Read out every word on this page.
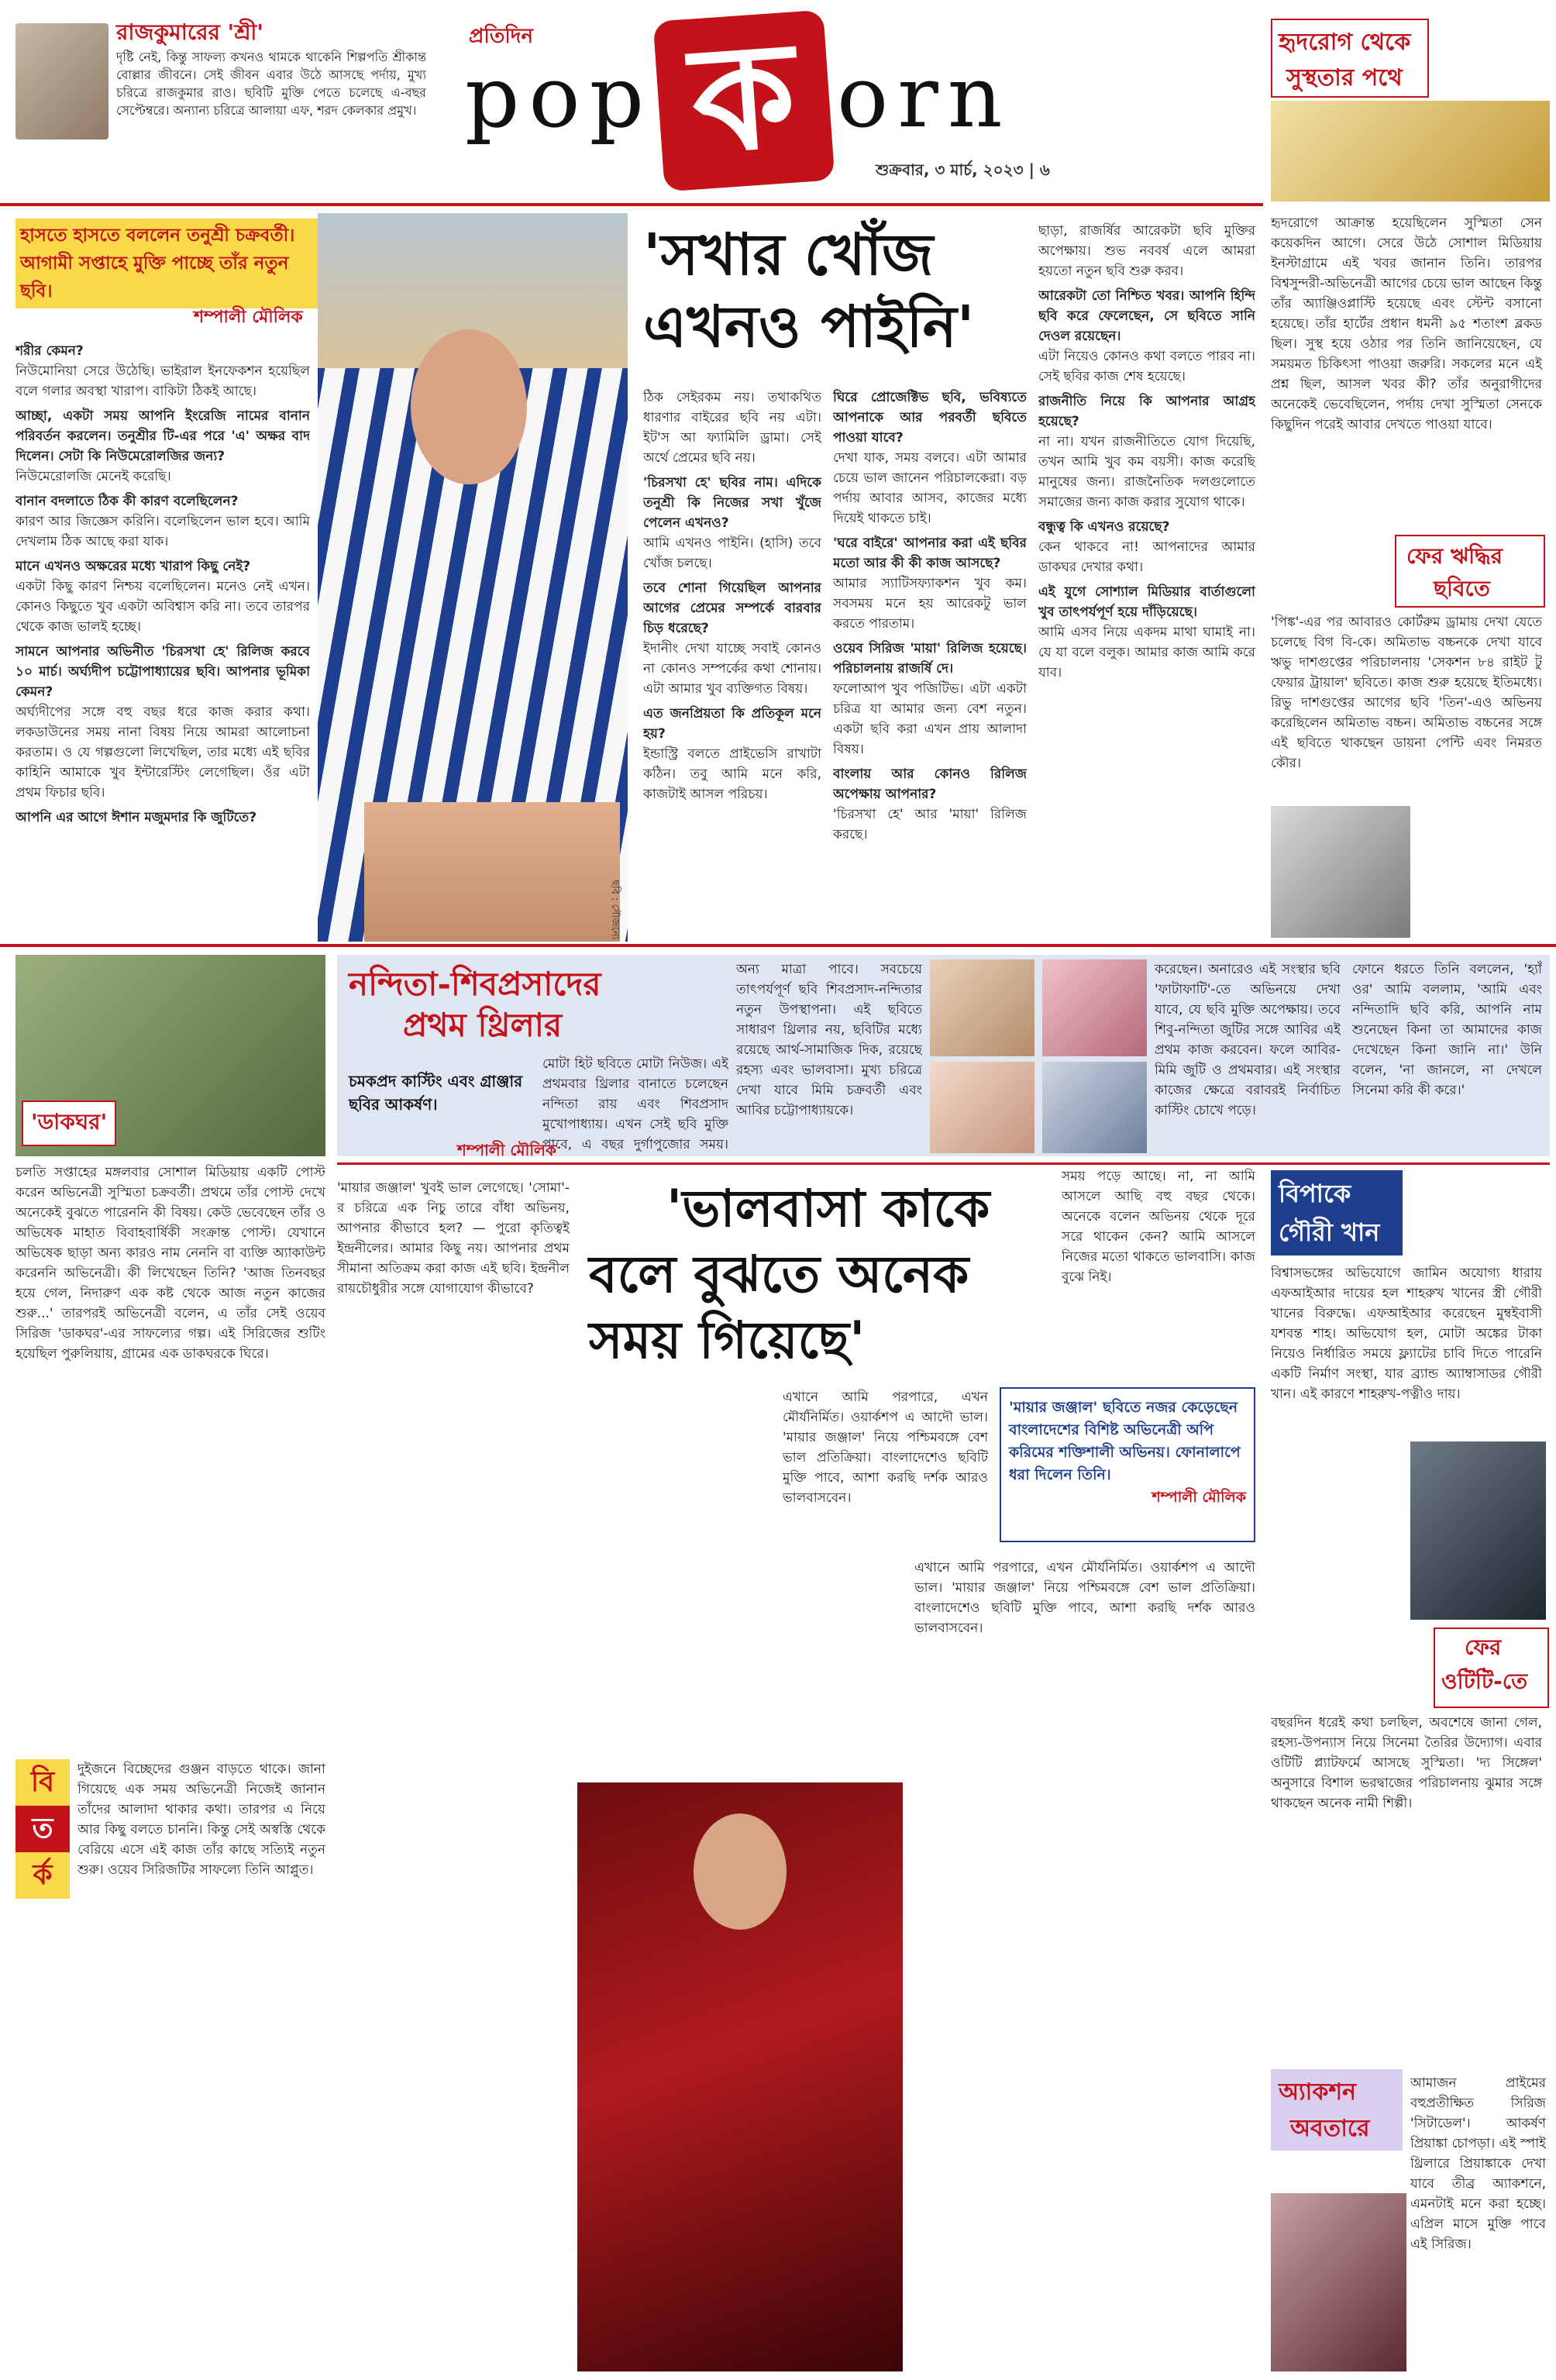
রাজকুমারের 'শ্রী'
দৃষ্টি নেই, কিন্তু সাফল্য কখনও থামকে থাকেনি শিল্পপতি শ্রীকান্ত বোল্লার জীবনে। সেই জীবন এবার উঠে আসছে পর্দায়, মুখ্য চরিত্রে রাজকুমার রাও। ছবিটি মুক্তি পেতে চলেছে এ-বছর সেপ্টেম্বরে। অন্যান্য চরিত্রে আলায়া এফ, শরদ কেলকার প্রমুখ।
প্রতিদিন
pop ক orn
শুক্রবার, ৩ মার্চ, ২০২৩ | ৬
হৃদরোগ থেকে
সুস্থতার পথে
হাসতে হাসতে বললেন তনুশ্রী চক্রবর্তী। আগামী সপ্তাহে মুক্তি পাচ্ছে তাঁর নতুন ছবি।
শম্পালী মৌলিক
ছবি : সৌজন্যে
'সখার খোঁজ
এখনও পাইনি'

শরীর কেমন?
নিউমোনিয়া সেরে উঠেছি। ভাইরাল ইনফেকশন হয়েছিল বলে গলার অবস্থা খারাপ। বাকিটা ঠিকই আছে।

আচ্ছা, একটা সময় আপনি ইংরেজি নামের বানান পরিবর্তন করলেন। তনুশ্রীর টি-এর পরে 'এ' অক্ষর বাদ দিলেন। সেটা কি নিউমেরোলজির জন্য?
নিউমেরোলজি মেনেই করেছি।

বানান বদলাতে ঠিক কী কারণ বলেছিলেন?
কারণ আর জিজ্ঞেস করিনি। বলেছিলেন ভাল হবে। আমি দেখলাম ঠিক আছে করা যাক।

মানে এখনও অক্ষরের মধ্যে খারাপ কিছু নেই?
একটা কিছু কারণ নিশ্চয় বলেছিলেন। মনেও নেই এখন। কোনও কিছুতে খুব একটা অবিশ্বাস করি না। তবে তারপর থেকে কাজ ভালই হচ্ছে।

সামনে আপনার অভিনীত 'চিরসখা হে' রিলিজ করবে ১০ মার্চ। অর্ঘ্যদীপ চট্টোপাধ্যায়ের ছবি। আপনার ভূমিকা কেমন?
অর্ঘ্যদীপের সঙ্গে বহু বছর ধরে কাজ করার কথা। লকডাউনের সময় নানা বিষয় নিয়ে আমরা আলোচনা করতাম। ও যে গল্পগুলো লিখেছিল, তার মধ্যে এই ছবির কাহিনি আমাকে খুব ইন্টারেস্টিং লেগেছিল। ওঁর এটা প্রথম ফিচার ছবি।

আপনি এর আগে ঈশান মজুমদার কি জুটিতে?

ঠিক সেইরকম নয়। তথাকথিত ধারণার বাইরের ছবি নয় এটা। ইট'স আ ফ্যামিলি ড্রামা। সেই অর্থে প্রেমের ছবি নয়।

'চিরসখা হে' ছবির নাম। এদিকে তনুশ্রী কি নিজের সখা খুঁজে পেলেন এখনও?
আমি এখনও পাইনি। (হাসি) তবে খোঁজ চলছে।

তবে শোনা গিয়েছিল আপনার আগের প্রেমের সম্পর্কে বারবার চিড় ধরেছে?
ইদানীং দেখা যাচ্ছে সবাই কোনও না কোনও সম্পর্কের কথা শোনায়। এটা আমার খুব ব্যক্তিগত বিষয়।

এত জনপ্রিয়তা কি প্রতিকূল মনে হয়?
ইন্ডাস্ট্রি বলতে প্রাইভেসি রাখাটা কঠিন। তবু আমি মনে করি, কাজটাই আসল পরিচয়।

ঘিরে প্রোজেক্টিভ ছবি, ভবিষ্যতে আপনাকে আর পরবর্তী ছবিতে পাওয়া যাবে?
দেখা যাক, সময় বলবে। এটা আমার চেয়ে ভাল জানেন পরিচালকেরা। বড় পর্দায় আবার আসব, কাজের মধ্যে দিয়েই থাকতে চাই।

'ঘরে বাইরে' আপনার করা এই ছবির মতো আর কী কী কাজ আসছে?
আমার স্যাটিসফ্যাকশন খুব কম। সবসময় মনে হয় আরেকটু ভাল করতে পারতাম।

ওয়েব সিরিজ 'মায়া' রিলিজ হয়েছে। পরিচালনায় রাজর্ষি দে।
ফলোআপ খুব পজিটিভ। এটা একটা চরিত্র যা আমার জন্য বেশ নতুন। একটা ছবি করা এখন প্রায় আলাদা বিষয়।

বাংলায় আর কোনও রিলিজ অপেক্ষায় আপনার?
'চিরসখা হে' আর 'মায়া' রিলিজ করছে।

ছাড়া, রাজর্ষির আরেকটা ছবি মুক্তির অপেক্ষায়। শুভ নববর্ষ এলে আমরা হয়তো নতুন ছবি শুরু করব।

আরেকটা তো নিশ্চিত খবর। আপনি হিন্দি ছবি করে ফেলেছেন, সে ছবিতে সানি দেওল রয়েছেন।
এটা নিয়েও কোনও কথা বলতে পারব না। সেই ছবির কাজ শেষ হয়েছে।

রাজনীতি নিয়ে কি আপনার আগ্রহ হয়েছে?
না না। যখন রাজনীতিতে যোগ দিয়েছি, তখন আমি খুব কম বয়সী। কাজ করেছি মানুষের জন্য। রাজনৈতিক দলগুলোতে সমাজের জন্য কাজ করার সুযোগ থাকে।

বন্ধুত্ব কি এখনও রয়েছে?
কেন থাকবে না! আপনাদের আমার ডাকঘর দেখার কথা।

এই যুগে সোশ্যাল মিডিয়ার বার্তাগুলো খুব তাৎপর্যপূর্ণ হয়ে দাঁড়িয়েছে।
আমি এসব নিয়ে একদম মাথা ঘামাই না। যে যা বলে বলুক। আমার কাজ আমি করে যাব।

হৃদরোগে আক্রান্ত হয়েছিলেন সুস্মিতা সেন কয়েকদিন আগে। সেরে উঠে সোশাল মিডিয়ায় ইনস্টাগ্রামে এই খবর জানান তিনি। তারপর বিশ্বসুন্দরী-অভিনেত্রী আগের চেয়ে ভাল আছেন কিন্তু তাঁর অ্যাঞ্জিওপ্লাস্টি হয়েছে এবং স্টেন্ট বসানো হয়েছে। তাঁর হার্টের প্রধান ধমনী ৯৫ শতাংশ ব্লকড ছিল। সুস্থ হয়ে ওঠার পর তিনি জানিয়েছেন, যে সময়মত চিকিৎসা পাওয়া জরুরি। সকলের মনে এই প্রশ্ন ছিল, আসল খবর কী? তাঁর অনুরাগীদের অনেকেই ভেবেছিলেন, পর্দায় দেখা সুস্মিতা সেনকে কিছুদিন পরেই আবার দেখতে পাওয়া যাবে।
ফের ঋদ্ধির
ছবিতে
'পিঙ্ক'-এর পর আবারও কোর্টরুম ড্রামায় দেখা যেতে চলেছে বিগ বি-কে। অমিতাভ বচ্চনকে দেখা যাবে ঋভু দাশগুপ্তের পরিচালনায় 'সেকশন ৮৪ রাইট টু ফেয়ার ট্রায়াল' ছবিতে। কাজ শুরু হয়েছে ইতিমধ্যে। রিভু দাশগুপ্তের আগের ছবি 'তিন'-এও অভিনয় করেছিলেন অমিতাভ বচ্চন। অমিতাভ বচ্চনের সঙ্গে এই ছবিতে থাকছেন ডায়না পেন্টি এবং নিমরত কৌর।
'ডাকঘর'
নন্দিতা-শিবপ্রসাদের
প্রথম থ্রিলার
চমকপ্রদ কাস্টিং এবং গ্রাঞ্জার ছবির আকর্ষণ।
শম্পালী মৌলিক
মোটা হিট ছবিতে মোটা নিউজ। এই প্রথমবার থ্রিলার বানাতে চলেছেন নন্দিতা রায় এবং শিবপ্রসাদ মুখোপাধ্যায়। এখন সেই ছবি মুক্তি পাবে, এ বছর দুর্গাপুজোর সময়।
অন্য মাত্রা পাবে। সবচেয়ে তাৎপর্যপূর্ণ ছবি শিবপ্রসাদ-নন্দিতার নতুন উপস্থাপনা। এই ছবিতে সাধারণ থ্রিলার নয়, ছবিটির মধ্যে রয়েছে আর্থ-সামাজিক দিক, রয়েছে রহস্য এবং ভালবাসা। মুখ্য চরিত্রে দেখা যাবে মিমি চক্রবর্তী এবং আবির চট্টোপাধ্যায়কে।
করেছেন। অনারেও এই সংস্থার ছবি 'ফাটাফাটি'-তে অভিনয়ে দেখা যাবে, যে ছবি মুক্তি অপেক্ষায়। তবে শিবু-নন্দিতা জুটির সঙ্গে আবির এই প্রথম কাজ করবেন। ফলে আবির-মিমি জুটি ও প্রথমবার। এই সংস্থার কাজের ক্ষেত্রে বরাবরই নির্বাচিত কাস্টিং চোখে পড়ে।
ফোনে ধরতে তিনি বললেন, 'হ্যাঁ ওর' আমি বললাম, 'আমি এবং নন্দিতাদি ছবি করি, আপনি নাম শুনেছেন কিনা তা আমাদের কাজ দেখেছেন কিনা জানি না।' উনি বলেন, 'না জানলে, না দেখলে সিনেমা করি কী করে।'
চলতি সপ্তাহের মঙ্গলবার সোশাল মিডিয়ায় একটি পোস্ট করেন অভিনেত্রী সুস্মিতা চক্রবর্তী। প্রথমে তাঁর পোস্ট দেখে অনেকেই বুঝতে পারেননি কী বিষয়। কেউ ভেবেছেন তাঁর ও অভিষেক মাহাত বিবাহবার্ষিকী সংক্রান্ত পোস্ট। যেখানে অভিষেক ছাড়া অন্য কারও নাম নেননি বা ব্যক্তি অ্যাকাউন্ট করেননি অভিনেত্রী। কী লিখেছেন তিনি? 'আজ তিনবছর হয়ে গেল, নিদারুণ এক কষ্ট থেকে আজ নতুন কাজের শুরু...' তারপরই অভিনেত্রী বলেন, এ তাঁর সেই ওয়েব সিরিজ 'ডাকঘর'-এর সাফল্যের গল্প। এই সিরিজের শুটিং হয়েছিল পুরুলিয়ায়, গ্রামের এক ডাকঘরকে ঘিরে।
বি
ত
র্ক
দুইজনে বিচ্ছেদের গুঞ্জন বাড়তে থাকে। জানা গিয়েছে এক সময় অভিনেত্রী নিজেই জানান তাঁদের আলাদা থাকার কথা। তারপর এ নিয়ে আর কিছু বলতে চাননি। কিন্তু সেই অস্বস্তি থেকে বেরিয়ে এসে এই কাজ তাঁর কাছে সত্যিই নতুন শুরু। ওয়েব সিরিজটির সাফল্যে তিনি আপ্লুত।
'ভালবাসা কাকে
বলে বুঝতে অনেক
সময় গিয়েছে'
'মায়ার জঞ্জাল' খুবই ভাল লেগেছে। 'সোমা'-র চরিত্রে এক নিচু তারে বাঁধা অভিনয়, আপনার কীভাবে হল? — পুরো কৃতিত্বই ইন্দ্রনীলের। আমার কিছু নয়। আপনার প্রথম সীমানা অতিক্রম করা কাজ এই ছবি। ইন্দ্রনীল রায়চৌধুরীর সঙ্গে যোগাযোগ কীভাবে?
'মায়ার জঞ্জাল' ছবিতে নজর কেড়েছেন বাংলাদেশের বিশিষ্ট অভিনেত্রী অপি করিমের শক্তিশালী অভিনয়। ফোনালাপে ধরা দিলেন তিনি।
শম্পালী মৌলিক
এখানে আমি পরপারে, এখন মৌর্যনির্মিত। ওয়ার্কশপ এ আদৌ ভাল। 'মায়ার জঞ্জাল' নিয়ে পশ্চিমবঙ্গে বেশ ভাল প্রতিক্রিয়া। বাংলাদেশেও ছবিটি মুক্তি পাবে, আশা করছি দর্শক আরও ভালবাসবেন।
সময় পড়ে আছে। না, না আমি আসলে আছি বহু বছর থেকে। অনেকে বলেন অভিনয় থেকে দূরে সরে থাকেন কেন? আমি আসলে নিজের মতো থাকতে ভালবাসি। কাজ বুঝে নিই।
এখানে আমি পরপারে, এখন মৌর্যনির্মিত। ওয়ার্কশপ এ আদৌ ভাল। 'মায়ার জঞ্জাল' নিয়ে পশ্চিমবঙ্গে বেশ ভাল প্রতিক্রিয়া। বাংলাদেশেও ছবিটি মুক্তি পাবে, আশা করছি দর্শক আরও ভালবাসবেন।
বিপাকে
গৌরী খান
বিশ্বাসভঙ্গের অভিযোগে জামিন অযোগ্য ধারায় এফআইআর দায়ের হল শাহরুখ খানের স্ত্রী গৌরী খানের বিরুদ্ধে। এফআইআর করেছেন মুম্বইবাসী যশবন্ত শাহ। অভিযোগ হল, মোটা অঙ্কের টাকা নিয়েও নির্ধারিত সময়ে ফ্ল্যাটের চাবি দিতে পারেনি একটি নির্মাণ সংস্থা, যার ব্র্যান্ড অ্যাম্বাসাডর গৌরী খান। এই কারণে শাহরুখ-পত্নীও দায়।
ফের
ওটিটি-তে
বছরদিন ধরেই কথা চলছিল, অবশেষে জানা গেল, রহস্য-উপন্যাস নিয়ে সিনেমা তৈরির উদ্যোগ। এবার ওটিটি প্ল্যাটফর্মে আসছে সুস্মিতা। 'দ্য সিঙ্গেল' অনুসারে বিশাল ভরদ্বাজের পরিচালনায় ঝুমার সঙ্গে থাকছেন অনেক নামী শিল্পী।
অ্যাকশন
অবতারে
আমাজন প্রাইমের বহুপ্রতীক্ষিত সিরিজ 'সিটাডেল'। আকর্ষণ প্রিয়াঙ্কা চোপড়া। এই স্পাই থ্রিলারে প্রিয়াঙ্কাকে দেখা যাবে তীব্র অ্যাকশনে, এমনটাই মনে করা হচ্ছে। এপ্রিল মাসে মুক্তি পাবে এই সিরিজ।
